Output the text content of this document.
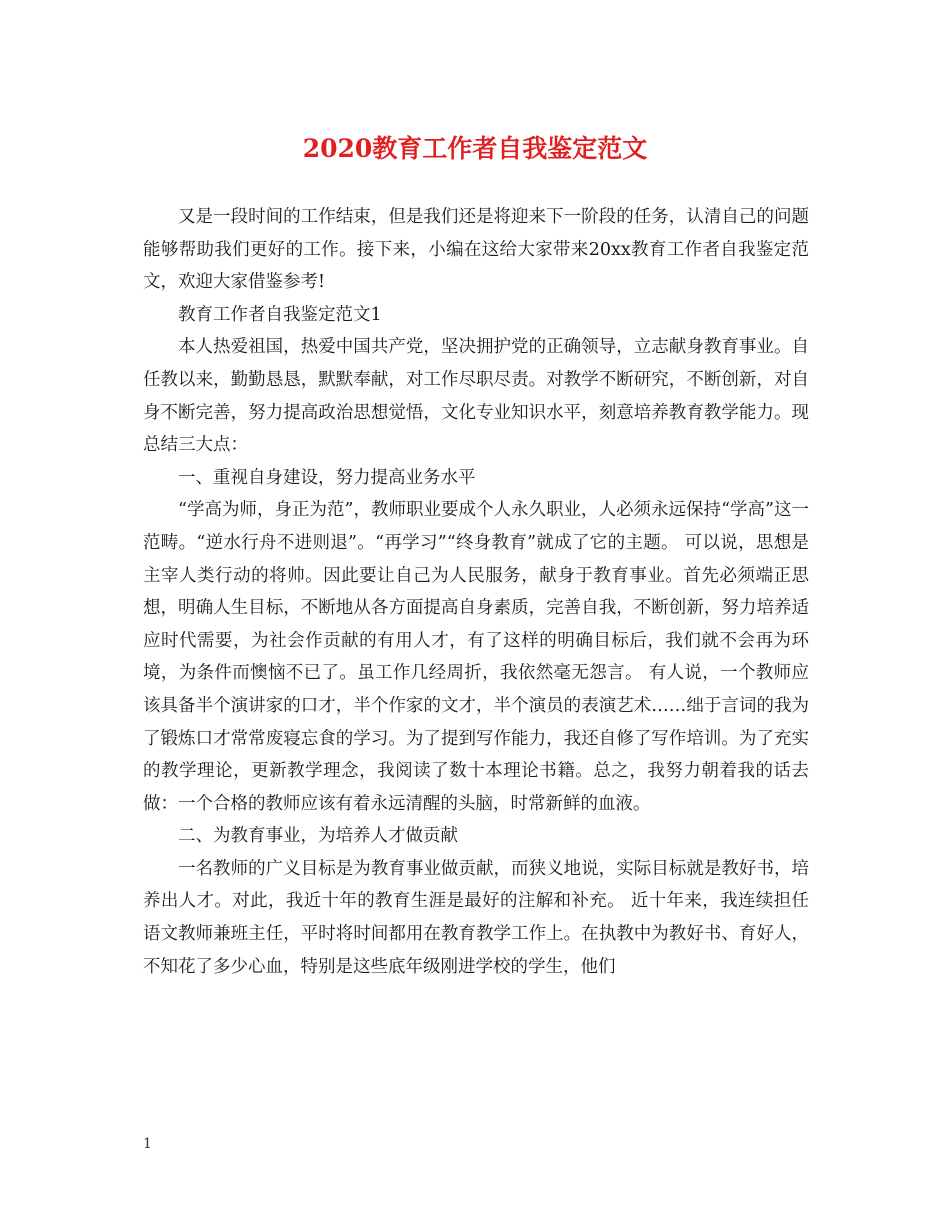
2020教育工作者自我鉴定范文

又是一段时间的工作结束，但是我们还是将迎来下一阶段的任务，认清自己的问题能够帮助我们更好的工作。接下来，小编在这给大家带来20xx教育工作者自我鉴定范文，欢迎大家借鉴参考!

教育工作者自我鉴定范文1

本人热爱祖国，热爱中国共产党，坚决拥护党的正确领导，立志献身教育事业。自任教以来，勤勤恳恳，默默奉献，对工作尽职尽责。对教学不断研究，不断创新，对自身不断完善，努力提高政治思想觉悟，文化专业知识水平，刻意培养教育教学能力。现总结三大点：

一、重视自身建设，努力提高业务水平

“学高为师，身正为范”，教师职业要成个人永久职业，人必须永远保持“学高”这一范畴。“逆水行舟不进则退”。“再学习”“终身教育”就成了它的主题。 可以说，思想是主宰人类行动的将帅。因此要让自己为人民服务，献身于教育事业。首先必须端正思想，明确人生目标，不断地从各方面提高自身素质，完善自我，不断创新，努力培养适应时代需要，为社会作贡献的有用人才，有了这样的明确目标后，我们就不会再为环境，为条件而懊恼不已了。虽工作几经周折，我依然毫无怨言。 有人说，一个教师应该具备半个演讲家的口才，半个作家的文才，半个演员的表演艺术……绌于言词的我为了锻炼口才常常废寝忘食的学习。为了提到写作能力，我还自修了写作培训。为了充实的教学理论，更新教学理念，我阅读了数十本理论书籍。总之，我努力朝着我的话去做：一个合格的教师应该有着永远清醒的头脑，时常新鲜的血液。

二、为教育事业，为培养人才做贡献

一名教师的广义目标是为教育事业做贡献，而狭义地说，实际目标就是教好书，培养出人才。对此，我近十年的教育生涯是最好的注解和补充。 近十年来，我连续担任语文教师兼班主任，平时将时间都用在教育教学工作上。在执教中为教好书、育好人，不知花了多少心血，特别是这些底年级刚进学校的学生，他们

1
